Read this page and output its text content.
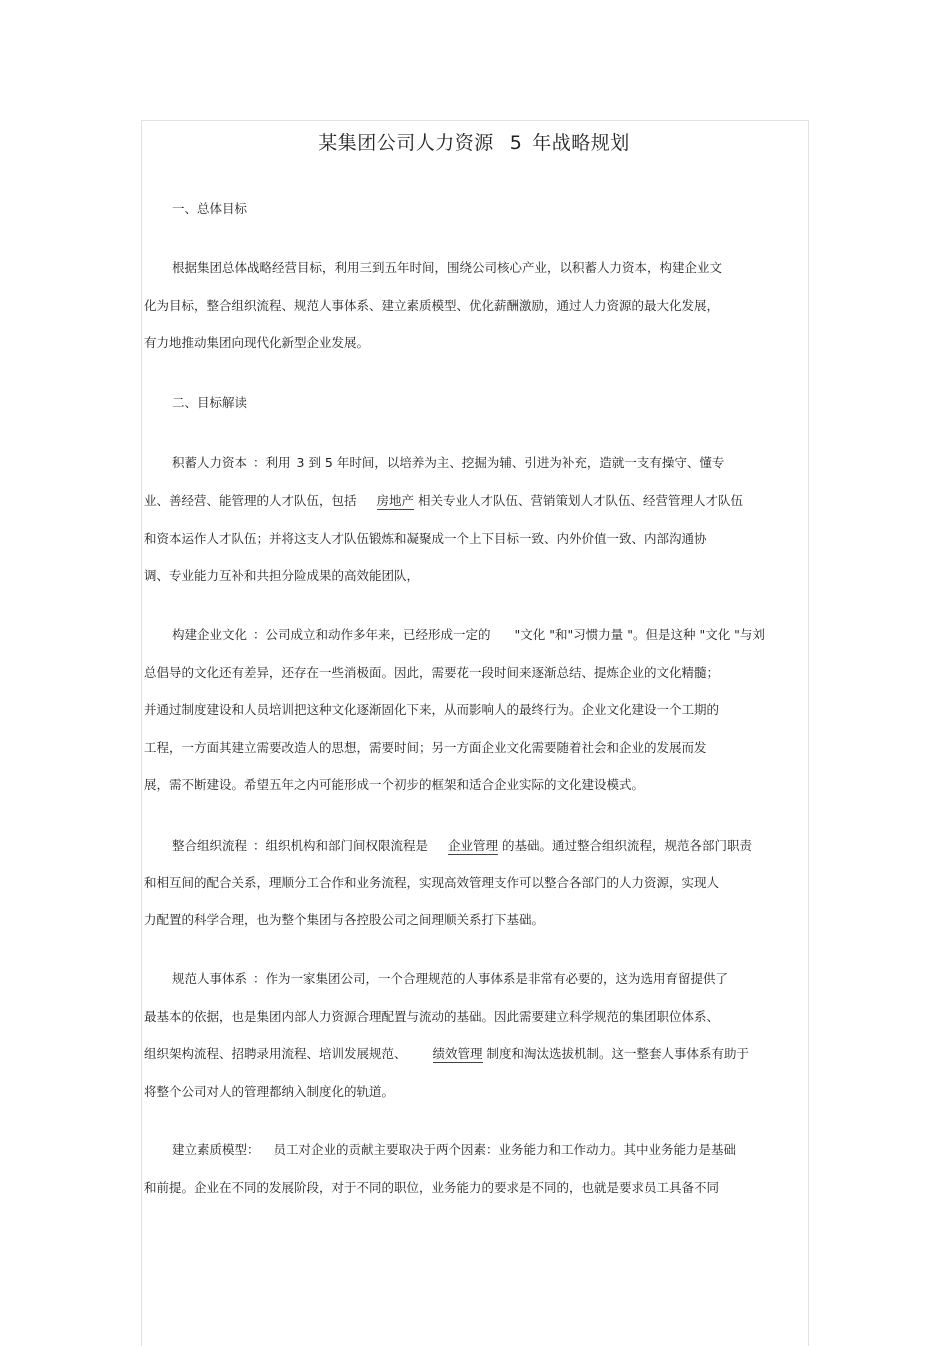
某集团公司人力资源 5 年战略规划
一、总体目标
根据集团总体战略经营目标，利用三到五年时间，围绕公司核心产业，以积蓄人力资本，构建企业文
化为目标，整合组织流程、规范人事体系、建立素质模型、优化薪酬激励，通过人力资源的最大化发展，
有力地推动集团向现代化新型企业发展。
二、目标解读
积蓄人力资本 ：利用 3 到 5 年时间，以培养为主、挖掘为辅、引进为补充，造就一支有操守、懂专
业、善经营、能管理的人才队伍，包括 房地产 相关专业人才队伍、营销策划人才队伍、经营管理人才队伍
和资本运作人才队伍；并将这支人才队伍锻炼和凝聚成一个上下目标一致、内外价值一致、内部沟通协
调、专业能力互补和共担分险成果的高效能团队，
构建企业文化 ：公司成立和动作多年来，已经形成一定的 "文化 "和"习惯力量 "。但是这种 "文化 "与刘
总倡导的文化还有差异，还存在一些消极面。因此，需要花一段时间来逐渐总结、提炼企业的文化精髓；
并通过制度建设和人员培训把这种文化逐渐固化下来，从而影响人的最终行为。企业文化建设一个工期的
工程，一方面其建立需要改造人的思想，需要时间；另一方面企业文化需要随着社会和企业的发展而发
展，需不断建设。希望五年之内可能形成一个初步的框架和适合企业实际的文化建设模式。
整合组织流程 ：组织机构和部门间权限流程是 企业管理 的基础。通过整合组织流程，规范各部门职责
和相互间的配合关系，理顺分工合作和业务流程，实现高效管理支作可以整合各部门的人力资源，实现人
力配置的科学合理，也为整个集团与各控股公司之间理顺关系打下基础。
规范人事体系 ：作为一家集团公司，一个合理规范的人事体系是非常有必要的，这为选用育留提供了
最基本的依据，也是集团内部人力资源合理配置与流动的基础。因此需要建立科学规范的集团职位体系、
组织架构流程、招聘录用流程、培训发展规范、 绩效管理 制度和淘汰选拔机制。这一整套人事体系有助于
将整个公司对人的管理都纳入制度化的轨道。
建立素质模型： 员工对企业的贡献主要取决于两个因素：业务能力和工作动力。其中业务能力是基础
和前提。企业在不同的发展阶段，对于不同的职位，业务能力的要求是不同的，也就是要求员工具备不同
